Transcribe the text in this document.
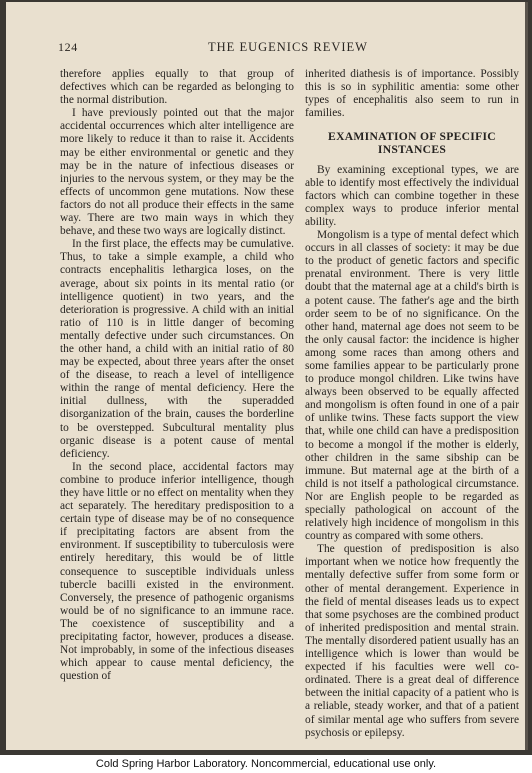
124	THE EUGENICS REVIEW

therefore applies equally to that group of defectives which can be regarded as belonging to the normal distribution.

I have previously pointed out that the major accidental occurrences which alter intelligence are more likely to reduce it than to raise it. Accidents may be either environmental or genetic and they may be in the nature of infectious diseases or injuries to the nervous system, or they may be the effects of uncommon gene mutations. Now these factors do not all produce their effects in the same way. There are two main ways in which they behave, and these two ways are logically distinct.

In the first place, the effects may be cumulative. Thus, to take a simple example, a child who contracts encephalitis lethargica loses, on the average, about six points in its mental ratio (or intelligence quotient) in two years, and the deterioration is progressive. A child with an initial ratio of 110 is in little danger of becoming mentally defective under such circumstances. On the other hand, a child with an initial ratio of 80 may be expected, about three years after the onset of the disease, to reach a level of intelligence within the range of mental deficiency. Here the initial dullness, with the superadded disorganization of the brain, causes the borderline to be overstepped. Subcultural mentality plus organic disease is a potent cause of mental deficiency.

In the second place, accidental factors may combine to produce inferior intelligence, though they have little or no effect on mentality when they act separately. The hereditary predisposition to a certain type of disease may be of no consequence if precipitating factors are absent from the environment. If susceptibility to tuberculosis were entirely hereditary, this would be of little consequence to susceptible individuals unless tubercle bacilli existed in the environment. Conversely, the presence of pathogenic organisms would be of no significance to an immune race. The coexistence of susceptibility and a precipitating factor, however, produces a disease. Not improbably, in some of the infectious diseases which appear to cause mental deficiency, the question of

inherited diathesis is of importance. Possibly this is so in syphilitic amentia: some other types of encephalitis also seem to run in families.

EXAMINATION OF SPECIFIC INSTANCES

By examining exceptional types, we are able to identify most effectively the individual factors which can combine together in these complex ways to produce inferior mental ability.

Mongolism is a type of mental defect which occurs in all classes of society: it may be due to the product of genetic factors and specific prenatal environment. There is very little doubt that the maternal age at a child's birth is a potent cause. The father's age and the birth order seem to be of no significance. On the other hand, maternal age does not seem to be the only causal factor: the incidence is higher among some races than among others and some families appear to be particularly prone to produce mongol children. Like twins have always been observed to be equally affected and mongolism is often found in one of a pair of unlike twins. These facts support the view that, while one child can have a predisposition to become a mongol if the mother is elderly, other children in the same sibship can be immune. But maternal age at the birth of a child is not itself a pathological circumstance. Nor are English people to be regarded as specially pathological on account of the relatively high incidence of mongolism in this country as compared with some others.

The question of predisposition is also important when we notice how frequently the mentally defective suffer from some form or other of mental derangement. Experience in the field of mental diseases leads us to expect that some psychoses are the combined product of inherited predisposition and mental strain. The mentally disordered patient usually has an intelligence which is lower than would be expected if his faculties were well co-ordinated. There is a great deal of difference between the initial capacity of a patient who is a reliable, steady worker, and that of a patient of similar mental age who suffers from severe psychosis or epilepsy.

Cold Spring Harbor Laboratory. Noncommercial, educational use only.
